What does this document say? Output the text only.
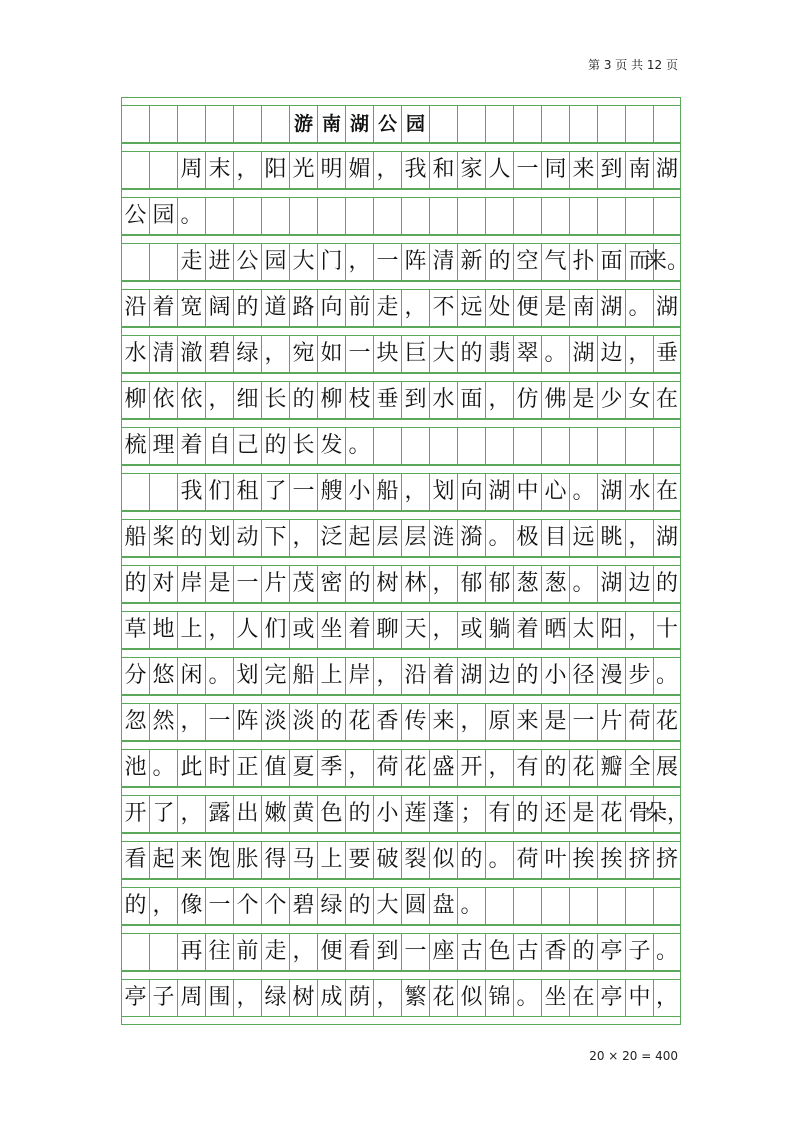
第 3 页 共 12 页
游 南 湖 公 园
周 末 ， 阳 光 明 媚 ， 我 和 家 人 一 同 来 到 南 湖
公 园 。
走 进 公 园 大 门 ， 一 阵 清 新 的 空 气 扑 面 而
来。
沿 着 宽 阔 的 道 路 向 前 走 ， 不 远 处 便 是 南 湖 。 湖
水 清 澈 碧 绿 ， 宛 如 一 块 巨 大 的 翡 翠 。 湖 边 ， 垂
柳 依 依 ， 细 长 的 柳 枝 垂 到 水 面 ， 仿 佛 是 少 女 在
梳 理 着 自 己 的 长 发 。
我 们 租 了 一 艘 小 船 ， 划 向 湖 中 心 。 湖 水 在
船 桨 的 划 动 下 ， 泛 起 层 层 涟 漪 。 极 目 远 眺 ， 湖
的 对 岸 是 一 片 茂 密 的 树 林 ， 郁 郁 葱 葱 。 湖 边 的
草 地 上 ， 人 们 或 坐 着 聊 天 ， 或 躺 着 晒 太 阳 ， 十
分 悠 闲 。 划 完 船 上 岸 ， 沿 着 湖 边 的 小 径 漫 步 。
忽 然 ， 一 阵 淡 淡 的 花 香 传 来 ， 原 来 是 一 片 荷 花
池 。 此 时 正 值 夏 季 ， 荷 花 盛 开 ， 有 的 花 瓣 全 展
开 了 ， 露 出 嫩 黄 色 的 小 莲 蓬 ； 有 的 还 是 花 骨
朵，
看 起 来 饱 胀 得 马 上 要 破 裂 似 的 。 荷 叶 挨 挨 挤 挤
的 ， 像 一 个 个 碧 绿 的 大 圆 盘 。
再 往 前 走 ， 便 看 到 一 座 古 色 古 香 的 亭 子 。
亭 子 周 围 ， 绿 树 成 荫 ， 繁 花 似 锦 。 坐 在 亭 中 ，
20 × 20 = 400
